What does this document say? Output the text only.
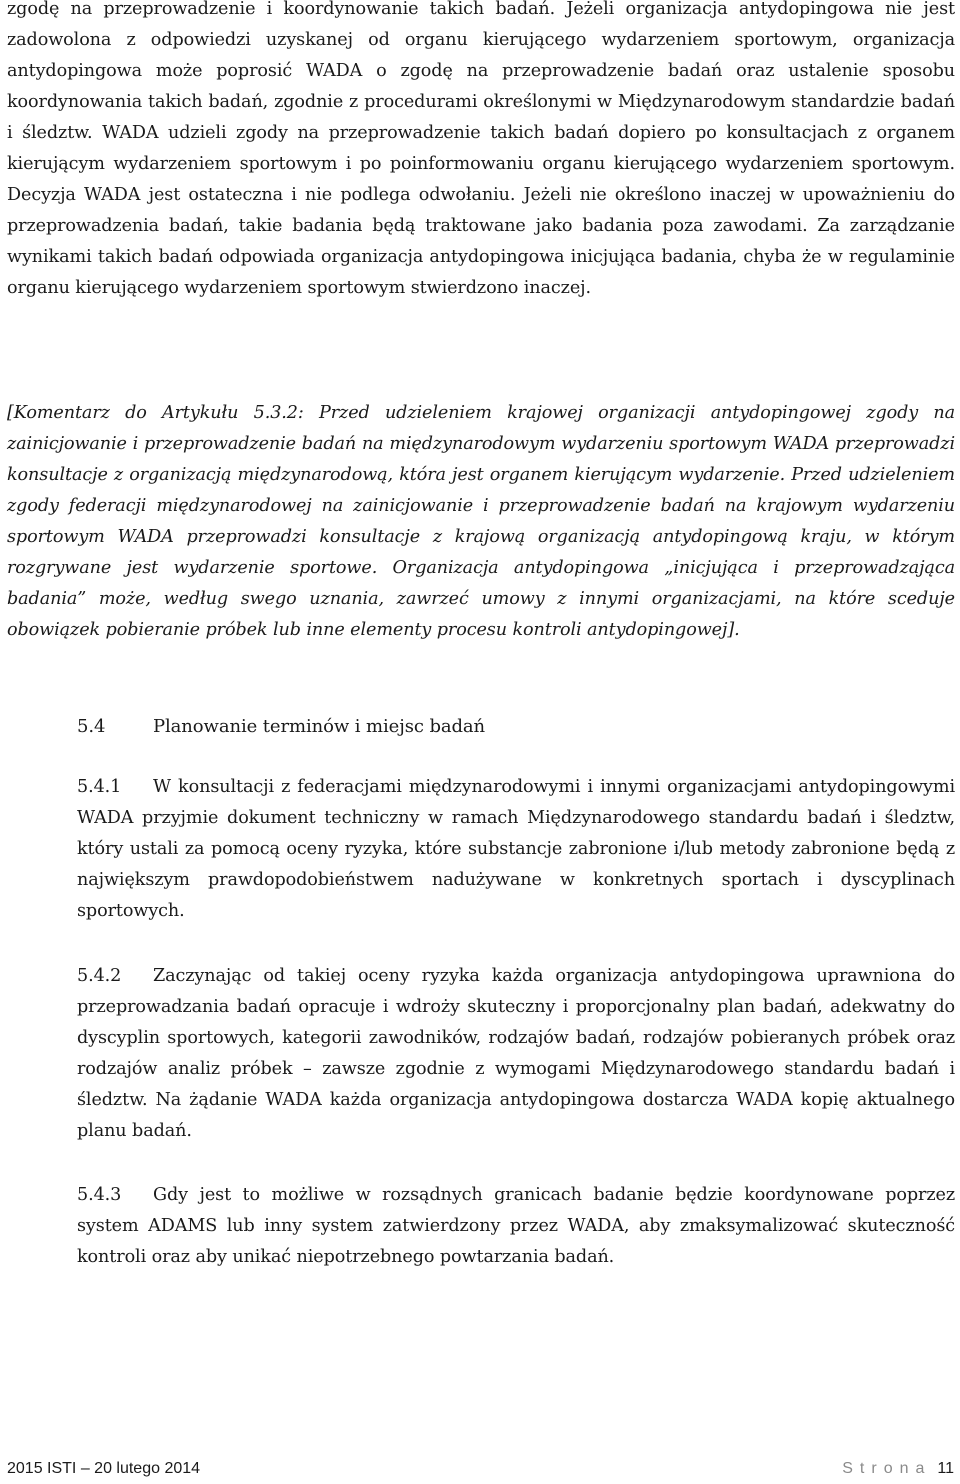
zgodę na przeprowadzenie i koordynowanie takich badań. Jeżeli organizacja antydopingowa nie jest zadowolona z odpowiedzi uzyskanej od organu kierującego wydarzeniem sportowym, organizacja antydopingowa może poprosić WADA o zgodę na przeprowadzenie badań oraz ustalenie sposobu koordynowania takich badań, zgodnie z procedurami określonymi w Międzynarodowym standardzie badań i śledztw. WADA udzieli zgody na przeprowadzenie takich badań dopiero po konsultacjach z organem kierującym wydarzeniem sportowym i po poinformowaniu organu kierującego wydarzeniem sportowym. Decyzja WADA jest ostateczna i nie podlega odwołaniu. Jeżeli nie określono inaczej w upoważnieniu do przeprowadzenia badań, takie badania będą traktowane jako badania poza zawodami. Za zarządzanie wynikami takich badań odpowiada organizacja antydopingowa inicjująca badania, chyba że w regulaminie organu kierującego wydarzeniem sportowym stwierdzono inaczej.

[Komentarz do Artykułu 5.3.2: Przed udzieleniem krajowej organizacji antydopingowej zgody na zainicjowanie i przeprowadzenie badań na międzynarodowym wydarzeniu sportowym WADA przeprowadzi konsultacje z organizacją międzynarodową, która jest organem kierującym wydarzenie. Przed udzieleniem zgody federacji międzynarodowej na zainicjowanie i przeprowadzenie badań na krajowym wydarzeniu sportowym WADA przeprowadzi konsultacje z krajową organizacją antydopingową kraju, w którym rozgrywane jest wydarzenie sportowe. Organizacja antydopingowa „inicjująca i przeprowadzająca badania” może, według swego uznania, zawrzeć umowy z innymi organizacjami, na które sceduje obowiązek pobieranie próbek lub inne elementy procesu kontroli antydopingowej].

5.4	Planowanie terminów i miejsc badań

5.4.1 W konsultacji z federacjami międzynarodowymi i innymi organizacjami antydopingowymi WADA przyjmie dokument techniczny w ramach Międzynarodowego standardu badań i śledztw, który ustali za pomocą oceny ryzyka, które substancje zabronione i/lub metody zabronione będą z największym prawdopodobieństwem nadużywane w konkretnych sportach i dyscyplinach sportowych.

5.4.2 Zaczynając od takiej oceny ryzyka każda organizacja antydopingowa uprawniona do przeprowadzania badań opracuje i wdroży skuteczny i proporcjonalny plan badań, adekwatny do dyscyplin sportowych, kategorii zawodników, rodzajów badań, rodzajów pobieranych próbek oraz rodzajów analiz próbek – zawsze zgodnie z wymogami Międzynarodowego standardu badań i śledztw. Na żądanie WADA każda organizacja antydopingowa dostarcza WADA kopię aktualnego planu badań.

5.4.3 Gdy jest to możliwe w rozsądnych granicach badanie będzie koordynowane poprzez system ADAMS lub inny system zatwierdzony przez WADA, aby zmaksymalizować skuteczność kontroli oraz aby unikać niepotrzebnego powtarzania badań.

2015 ISTI – 20 lutego 2014	Strona 11
